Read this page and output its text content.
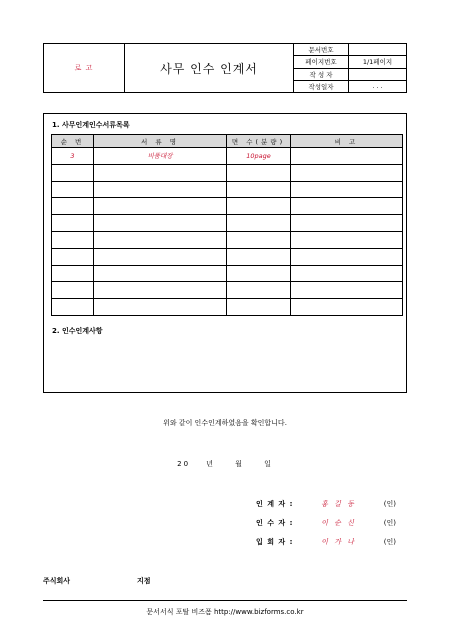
로 고	사무 인수 인계서
문서번호
페이지번호	1/1페이지
작 성 자
작성일자	. . .
1. 사무인계인수서류목록
순 번	서 류 명	면 수(분량)	비 고
3	비품대장	10page	

2. 인수인계사항
위와 같이 인수인계하였음을 확인합니다.
20 년	월	일
인 계 자 :	홍 길 동	(인)
인 수 자 :	이 순 신	(인)
입 회 자 :	이 가 나	(인)
주식회사	지점
문서서식 포탈 비즈폼 http://www.bizforms.co.kr
